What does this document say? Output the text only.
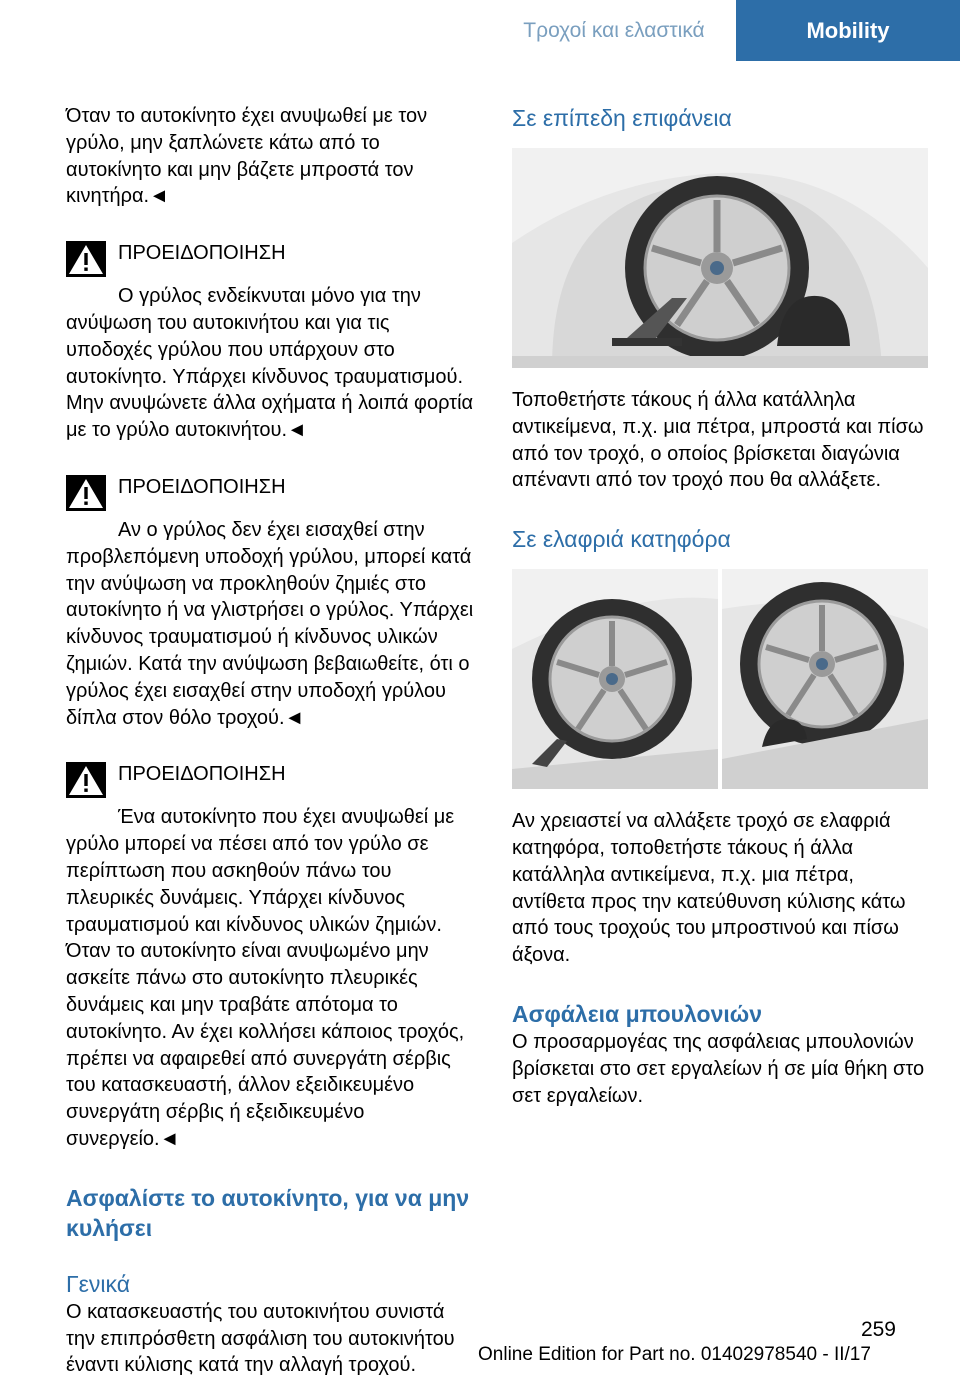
Τροχοί και ελαστικά	Mobility

Όταν το αυτοκίνητο έχει ανυψωθεί με τον γρύλο, μην ξαπλώνετε κάτω από το αυτοκίνητο και μην βάζετε μπροστά τον κινητήρα.◄

ΠΡΟΕΙΔΟΠΟΙΗΣΗ

Ο γρύλος ενδείκνυται μόνο για την ανύψωση του αυτοκινήτου και για τις υποδοχές γρύλου που υπάρχουν στο αυτοκίνητο. Υπάρχει κίνδυνος τραυματισμού. Μην ανυψώνετε άλλα οχήματα ή λοιπά φορτία με το γρύλο αυτοκινήτου.◄

ΠΡΟΕΙΔΟΠΟΙΗΣΗ

Αν ο γρύλος δεν έχει εισαχθεί στην προβλεπόμενη υποδοχή γρύλου, μπορεί κατά την ανύψωση να προκληθούν ζημιές στο αυτοκίνητο ή να γλιστρήσει ο γρύλος. Υπάρχει κίνδυνος τραυματισμού ή κίνδυνος υλικών ζημιών. Κατά την ανύψωση βεβαιωθείτε, ότι ο γρύλος έχει εισαχθεί στην υποδοχή γρύλου δίπλα στον θόλο τροχού.◄

ΠΡΟΕΙΔΟΠΟΙΗΣΗ

Ένα αυτοκίνητο που έχει ανυψωθεί με γρύλο μπορεί να πέσει από τον γρύλο σε περίπτωση που ασκηθούν πάνω του πλευρικές δυνάμεις. Υπάρχει κίνδυνος τραυματισμού και κίνδυνος υλικών ζημιών. Όταν το αυτοκίνητο είναι ανυψωμένο μην ασκείτε πάνω στο αυτοκίνητο πλευρικές δυνάμεις και μην τραβάτε απότομα το αυτοκίνητο. Αν έχει κολλήσει κάποιος τροχός, πρέπει να αφαιρεθεί από συνεργάτη σέρβις του κατασκευαστή, άλλον εξειδικευμένο συνεργάτη σέρβις ή εξειδικευμένο συνεργείο.◄

Ασφαλίστε το αυτοκίνητο, για να μην κυλήσει
Γενικά

Ο κατασκευαστής του αυτοκινήτου συνιστά την επιπρόσθετη ασφάλιση του αυτοκινήτου έναντι κύλισης κατά την αλλαγή τροχού.

Σε επίπεδη επιφάνεια

Τοποθετήστε τάκους ή άλλα κατάλληλα αντικείμενα, π.χ. μια πέτρα, μπροστά και πίσω από τον τροχό, ο οποίος βρίσκεται διαγώνια απέναντι από τον τροχό που θα αλλάξετε.

Σε ελαφριά κατηφόρα

Αν χρειαστεί να αλλάξετε τροχό σε ελαφριά κατηφόρα, τοποθετήστε τάκους ή άλλα κατάλληλα αντικείμενα, π.χ. μια πέτρα, αντίθετα προς την κατεύθυνση κύλισης κάτω από τους τροχούς του μπροστινού και πίσω άξονα.

Ασφάλεια μπουλονιών

Ο προσαρμογέας της ασφάλειας μπουλονιών βρίσκεται στο σετ εργαλείων ή σε μία θήκη στο σετ εργαλείων.

259
Online Edition for Part no. 01402978540 - II/17
